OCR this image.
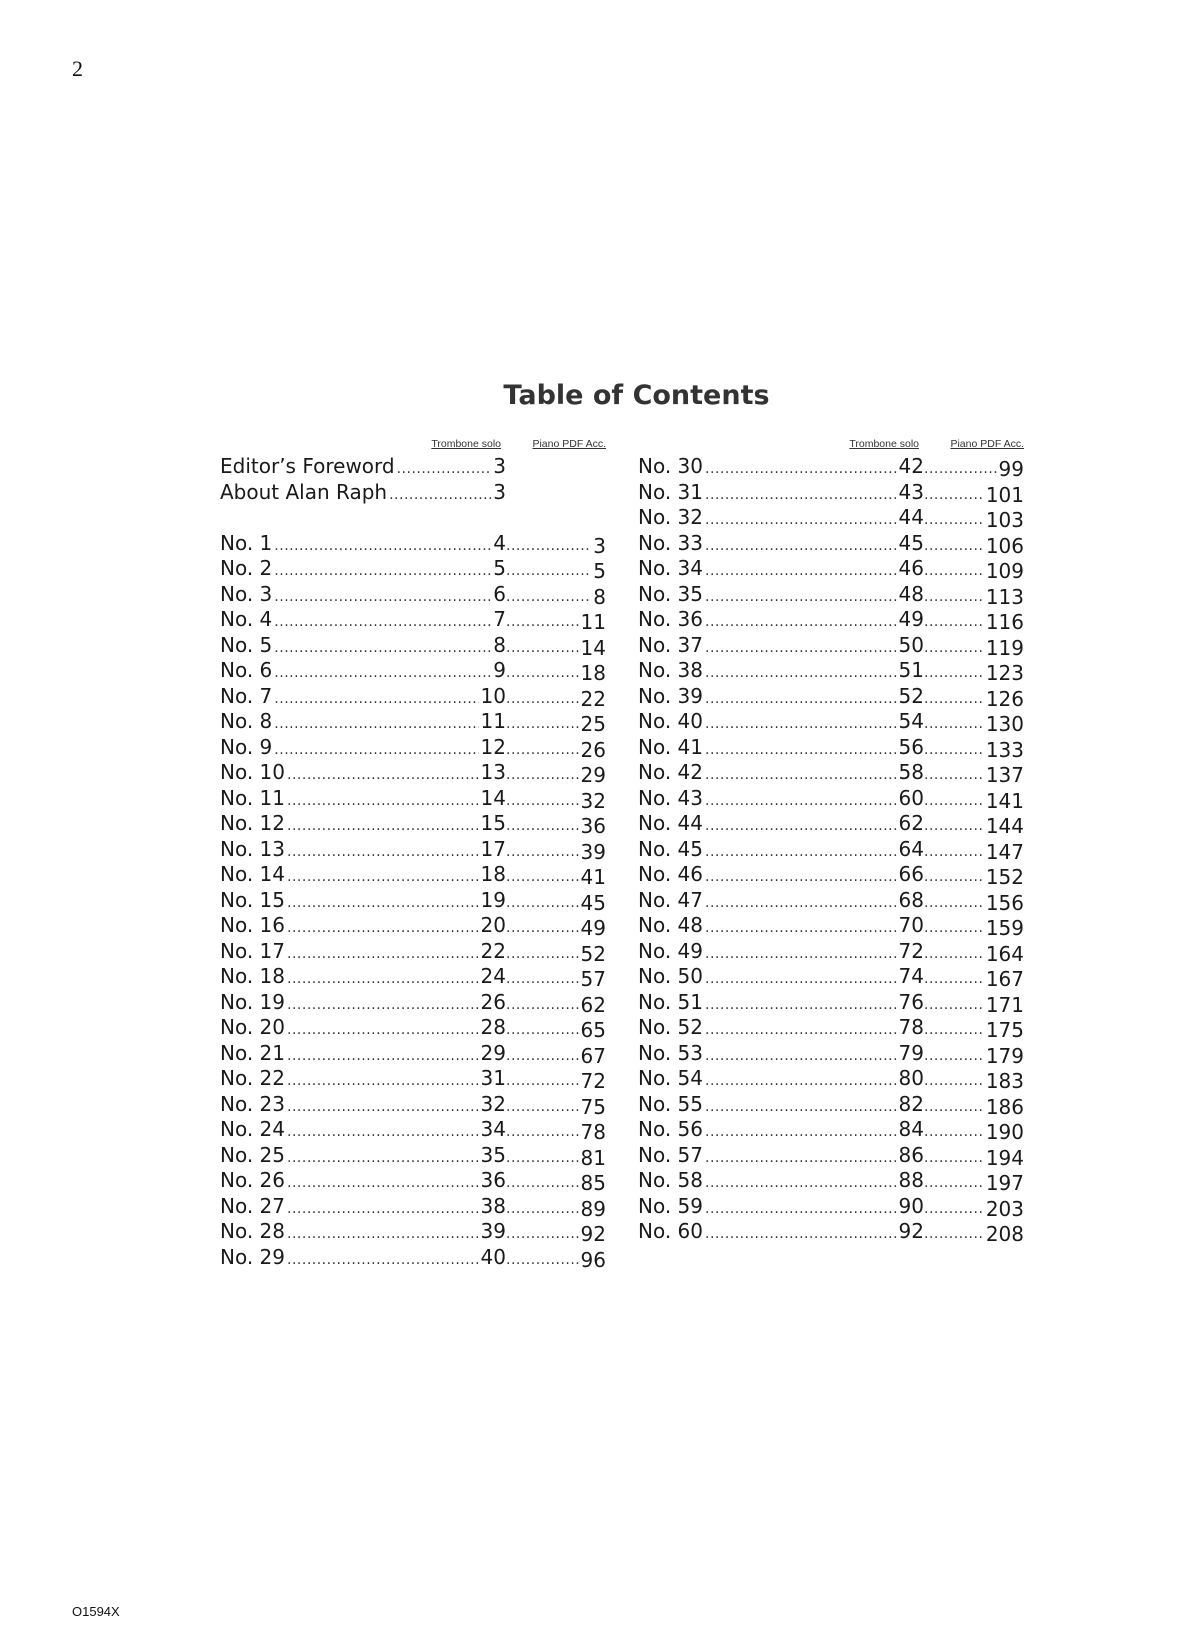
2
Table of Contents
Trombone solo	Piano PDF Acc.
Editor’s Foreword .....	3
About Alan Raph .....	3
No. 1 .....	4 .....	3
No. 2 .....	5 .....	5
No. 3 .....	6 .....	8
No. 4 .....	7 .....	11
No. 5 .....	8 .....	14
No. 6 .....	9 .....	18
No. 7 .....	10 .....	22
No. 8 .....	11 .....	25
No. 9 .....	12 .....	26
No. 10 .....	13 .....	29
No. 11 .....	14 .....	32
No. 12 .....	15 .....	36
No. 13 .....	17 .....	39
No. 14 .....	18 .....	41
No. 15 .....	19 .....	45
No. 16 .....	20 .....	49
No. 17 .....	22 .....	52
No. 18 .....	24 .....	57
No. 19 .....	26 .....	62
No. 20 .....	28 .....	65
No. 21 .....	29 .....	67
No. 22 .....	31 .....	72
No. 23 .....	32 .....	75
No. 24 .....	34 .....	78
No. 25 .....	35 .....	81
No. 26 .....	36 .....	85
No. 27 .....	38 .....	89
No. 28 .....	39 .....	92
No. 29 .....	40 .....	96
Trombone solo	Piano PDF Acc.
No. 30 .....	42 .....	99
No. 31 .....	43 .....	101
No. 32 .....	44 .....	103
No. 33 .....	45 .....	106
No. 34 .....	46 .....	109
No. 35 .....	48 .....	113
No. 36 .....	49 .....	116
No. 37 .....	50 .....	119
No. 38 .....	51 .....	123
No. 39 .....	52 .....	126
No. 40 .....	54 .....	130
No. 41 .....	56 .....	133
No. 42 .....	58 .....	137
No. 43 .....	60 .....	141
No. 44 .....	62 .....	144
No. 45 .....	64 .....	147
No. 46 .....	66 .....	152
No. 47 .....	68 .....	156
No. 48 .....	70 .....	159
No. 49 .....	72 .....	164
No. 50 .....	74 .....	167
No. 51 .....	76 .....	171
No. 52 .....	78 .....	175
No. 53 .....	79 .....	179
No. 54 .....	80 .....	183
No. 55 .....	82 .....	186
No. 56 .....	84 .....	190
No. 57 .....	86 .....	194
No. 58 .....	88 .....	197
No. 59 .....	90 .....	203
No. 60 .....	92 .....	208
O1594X
